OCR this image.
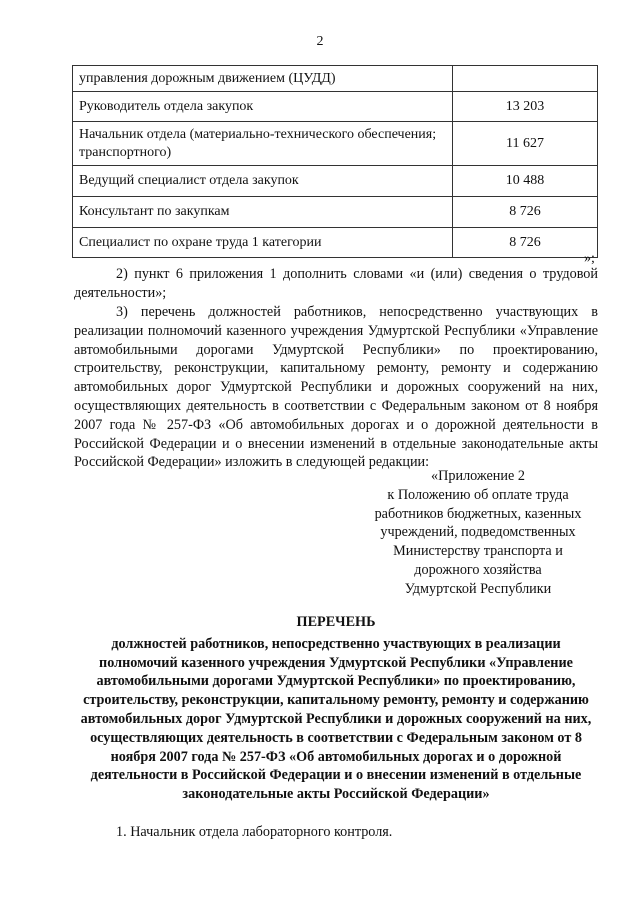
2
управления дорожным движением (ЦУДД)	
Руководитель отдела закупок	13 203
Начальник отдела (материально-технического обеспечения; транспортного)	11 627
Ведущий специалист отдела закупок	10 488
Консультант по закупкам	8 726
Специалист по охране труда 1 категории	8 726
»;

2) пункт 6 приложения 1 дополнить словами «и (или) сведения о трудовой деятельности»;

3) перечень должностей работников, непосредственно участвующих в реализации полномочий казенного учреждения Удмуртской Республики «Управление автомобильными дорогами Удмуртской Республики» по проектированию, строительству, реконструкции, капитальному ремонту, ремонту и содержанию автомобильных дорог Удмуртской Республики и дорожных сооружений на них, осуществляющих деятельность в соответствии с Федеральным законом от 8 ноября 2007 года № 257-ФЗ «Об автомобильных дорогах и о дорожной деятельности в Российской Федерации и о внесении изменений в отдельные законодательные акты Российской Федерации» изложить в следующей редакции:

«Приложение 2
к Положению об оплате труда
работников бюджетных, казенных
учреждений, подведомственных
Министерству транспорта и
дорожного хозяйства
Удмуртской Республики
ПЕРЕЧЕНЬ
должностей работников, непосредственно участвующих в реализации полномочий казенного учреждения Удмуртской Республики «Управление автомобильными дорогами Удмуртской Республики» по проектированию, строительству, реконструкции, капитальному ремонту, ремонту и содержанию автомобильных дорог Удмуртской Республики и дорожных сооружений на них, осуществляющих деятельность в соответствии с Федеральным законом от 8 ноября 2007 года № 257-ФЗ «Об автомобильных дорогах и о дорожной деятельности в Российской Федерации и о внесении изменений в отдельные законодательные акты Российской Федерации»
1. Начальник отдела лабораторного контроля.
